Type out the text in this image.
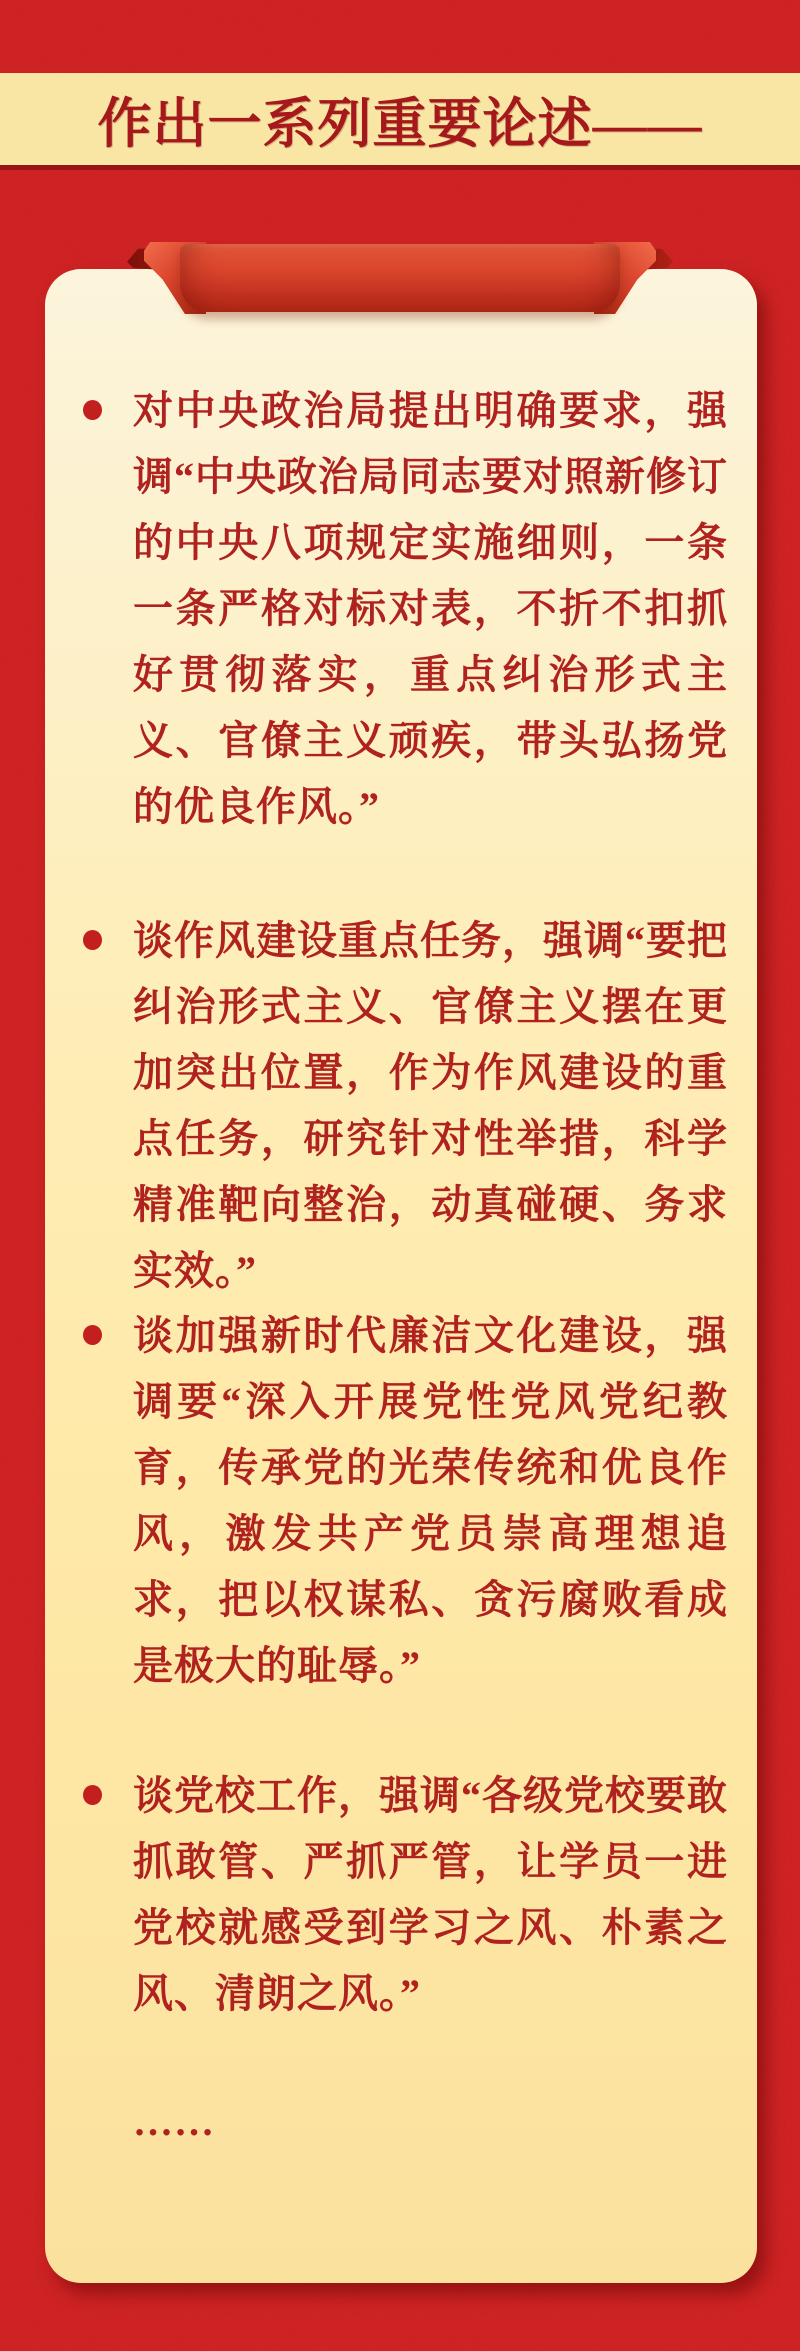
作出一系列重要论述——

对中央政治局提出明确要求，强调“中央政治局同志要对照新修订的中央八项规定实施细则，一条一条严格对标对表，不折不扣抓好贯彻落实，重点纠治形式主义、官僚主义顽疾，带头弘扬党的优良作风。”

谈作风建设重点任务，强调“要把纠治形式主义、官僚主义摆在更加突出位置，作为作风建设的重点任务，研究针对性举措，科学精准靶向整治，动真碰硬、务求实效。”

谈加强新时代廉洁文化建设，强调要“深入开展党性党风党纪教育，传承党的光荣传统和优良作风，激发共产党员崇高理想追求，把以权谋私、贪污腐败看成是极大的耻辱。”

谈党校工作，强调“各级党校要敢抓敢管、严抓严管，让学员一进党校就感受到学习之风、朴素之风、清朗之风。”

……
